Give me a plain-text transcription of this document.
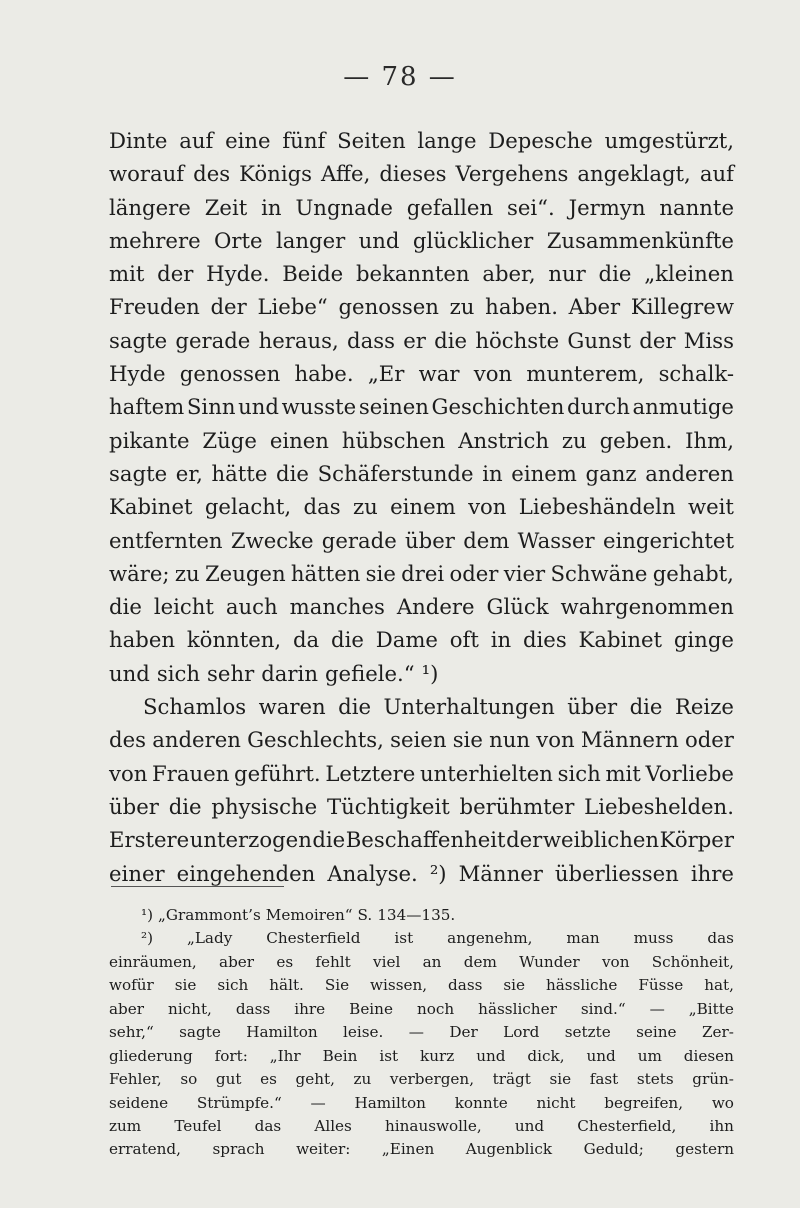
— 78 —
Dinte auf eine fünf Seiten lange Depesche umgestürzt,
worauf des Königs Affe, dieses Vergehens angeklagt, auf
längere Zeit in Ungnade gefallen sei“. Jermyn nannte
mehrere Orte langer und glücklicher Zusammenkünfte
mit der Hyde. Beide bekannten aber, nur die „kleinen
Freuden der Liebe“ genossen zu haben. Aber Killegrew
sagte gerade heraus, dass er die höchste Gunst der Miss
Hyde genossen habe. „Er war von munterem, schalk-
haftem Sinn und wusste seinen Geschichten durch anmutige
pikante Züge einen hübschen Anstrich zu geben. Ihm,
sagte er, hätte die Schäferstunde in einem ganz anderen
Kabinet gelacht, das zu einem von Liebeshändeln weit
entfernten Zwecke gerade über dem Wasser eingerichtet
wäre; zu Zeugen hätten sie drei oder vier Schwäne gehabt,
die leicht auch manches Andere Glück wahrgenommen
haben könnten, da die Dame oft in dies Kabinet ginge
und sich sehr darin gefiele.“ ¹)
Schamlos waren die Unterhaltungen über die Reize
des anderen Geschlechts, seien sie nun von Männern oder
von Frauen geführt. Letztere unterhielten sich mit Vorliebe
über die physische Tüchtigkeit berühmter Liebeshelden.
Erstere unterzogen die Beschaffenheit der weiblichen Körper
einer eingehenden Analyse. ²) Männer überliessen ihre
¹) „Grammont’s Memoiren“ S. 134—135.
²) „Lady Chesterfield ist angenehm, man muss das
einräumen, aber es fehlt viel an dem Wunder von Schönheit,
wofür sie sich hält. Sie wissen, dass sie hässliche Füsse hat,
aber nicht, dass ihre Beine noch hässlicher sind.“ — „Bitte
sehr,“ sagte Hamilton leise. — Der Lord setzte seine Zer-
gliederung fort: „Ihr Bein ist kurz und dick, und um diesen
Fehler, so gut es geht, zu verbergen, trägt sie fast stets grün-
seidene Strümpfe.“ — Hamilton konnte nicht begreifen, wo
zum Teufel das Alles hinauswolle, und Chesterfield, ihn
erratend, sprach weiter: „Einen Augenblick Geduld; gestern
